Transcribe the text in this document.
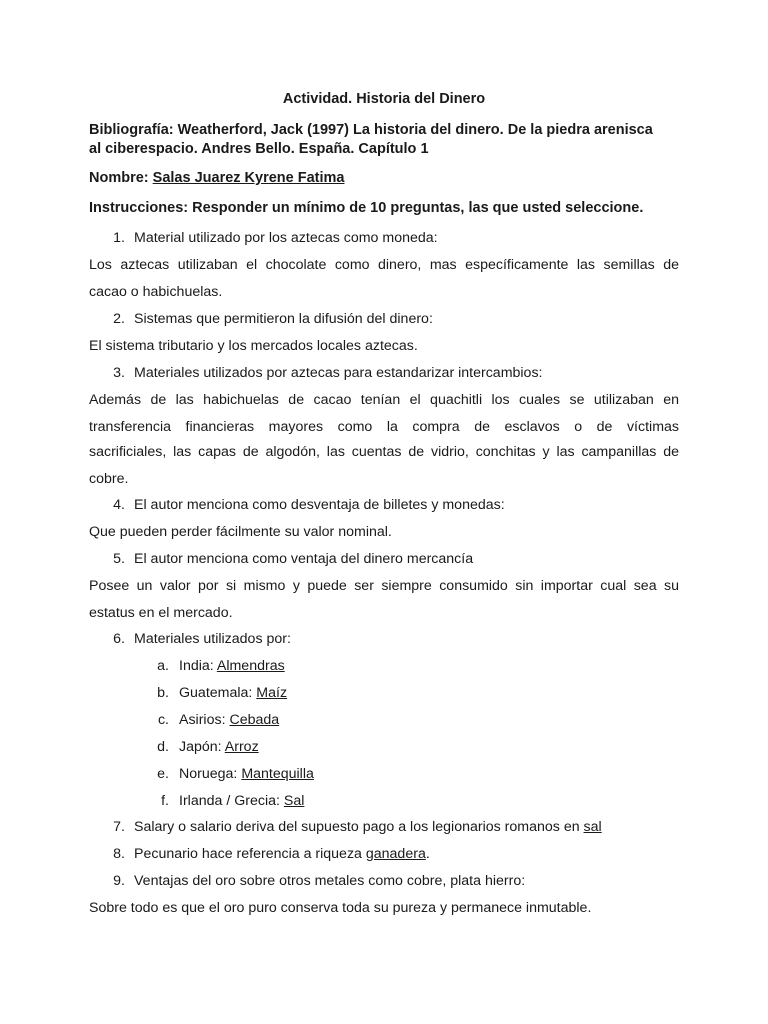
Actividad. Historia del Dinero
Bibliografía: Weatherford, Jack (1997) La historia del dinero. De la piedra arenisca
al ciberespacio. Andres Bello. España. Capítulo 1
Nombre: Salas Juarez Kyrene Fatima
Instrucciones: Responder un mínimo de 10 preguntas, las que usted seleccione.
1. Material utilizado por los aztecas como moneda:
Los aztecas utilizaban el chocolate como dinero, mas específicamente las semillas de
cacao o habichuelas.
2. Sistemas que permitieron la difusión del dinero:
El sistema tributario y los mercados locales aztecas.
3. Materiales utilizados por aztecas para estandarizar intercambios:
Además de las habichuelas de cacao tenían el quachitli los cuales se utilizaban en
transferencia financieras mayores como la compra de esclavos o de víctimas
sacrificiales, las capas de algodón, las cuentas de vidrio, conchitas y las campanillas de
cobre.
4. El autor menciona como desventaja de billetes y monedas:
Que pueden perder fácilmente su valor nominal.
5. El autor menciona como ventaja del dinero mercancía
Posee un valor por si mismo y puede ser siempre consumido sin importar cual sea su
estatus en el mercado.
6. Materiales utilizados por:
a. India: Almendras
b. Guatemala: Maíz
c. Asirios: Cebada
d. Japón: Arroz
e. Noruega: Mantequilla
f. Irlanda / Grecia: Sal
7. Salary o salario deriva del supuesto pago a los legionarios romanos en sal
8. Pecunario hace referencia a riqueza ganadera.
9. Ventajas del oro sobre otros metales como cobre, plata hierro:
Sobre todo es que el oro puro conserva toda su pureza y permanece inmutable.
